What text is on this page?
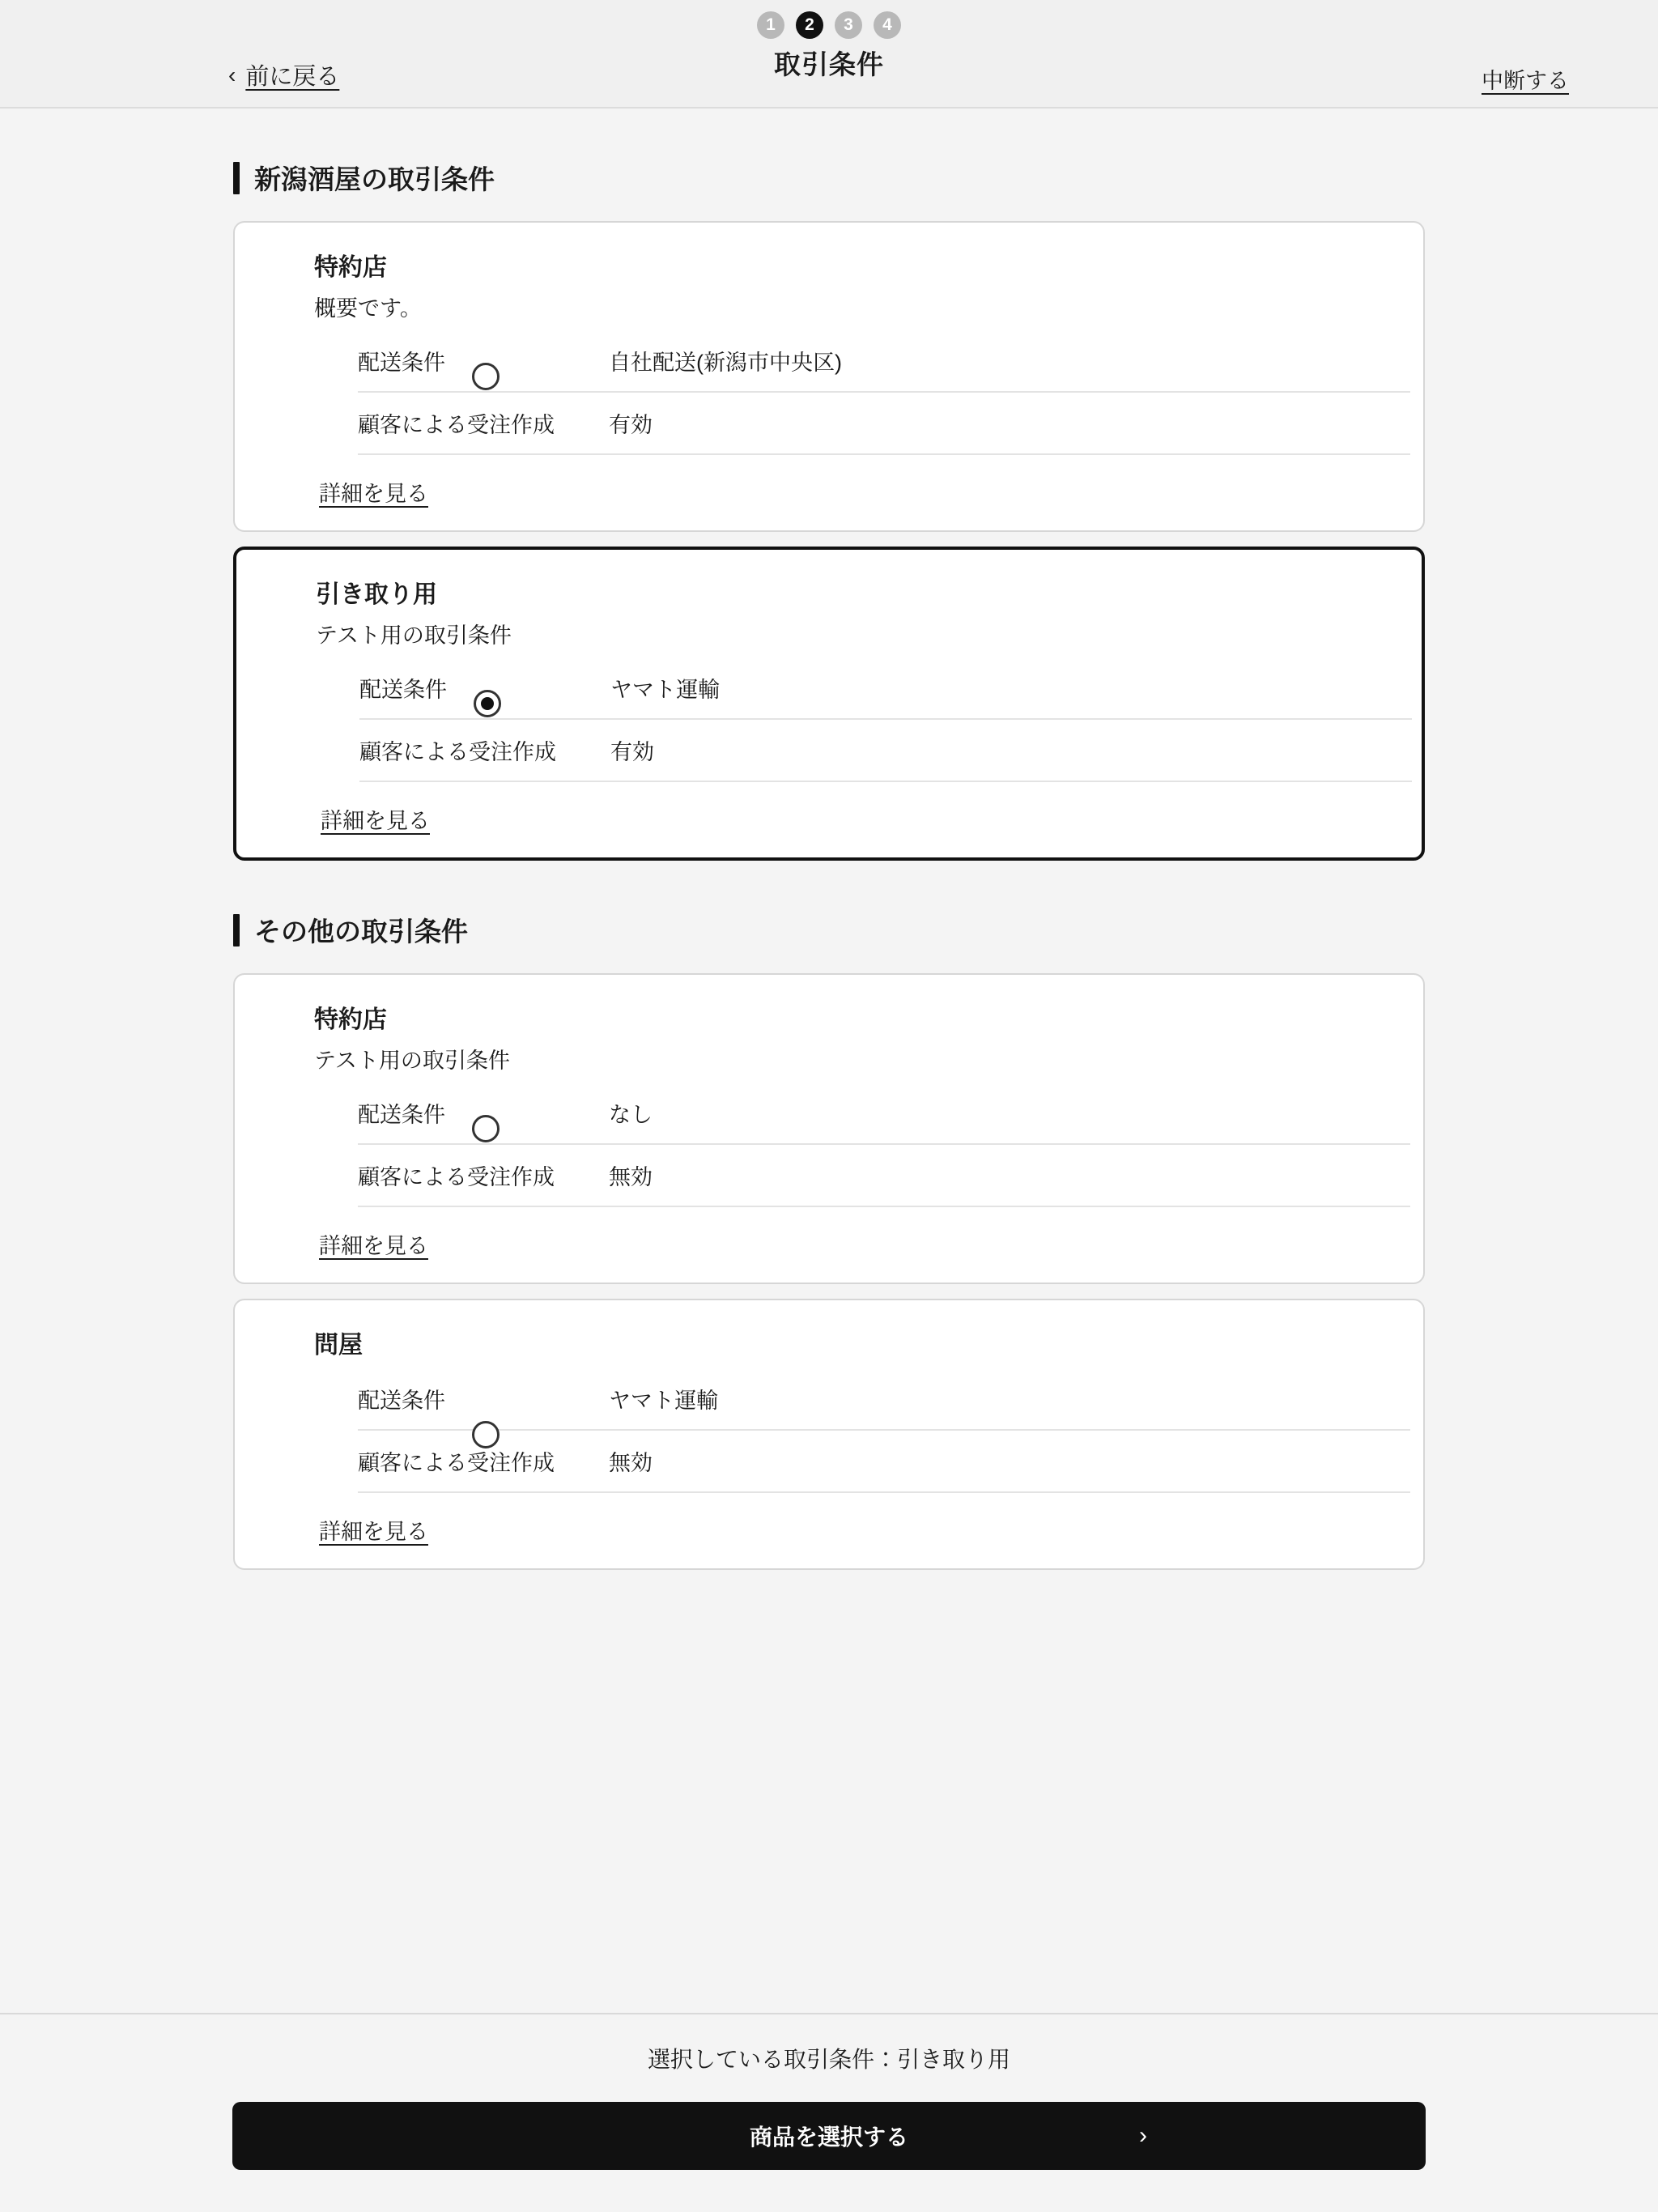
‹ 前に戻る
1	2	3	4
取引条件
中断する
新潟酒屋の取引条件
特約店
概要です。
配送条件	自社配送(新潟市中央区)
顧客による受注作成	有効
詳細を見る
引き取り用
テスト用の取引条件
配送条件	ヤマト運輸
顧客による受注作成	有効
詳細を見る
その他の取引条件
特約店
テスト用の取引条件
配送条件	なし
顧客による受注作成	無効
詳細を見る
問屋
配送条件	ヤマト運輸
顧客による受注作成	無効
詳細を見る
選択している取引条件：引き取り用
商品を選択する	›
